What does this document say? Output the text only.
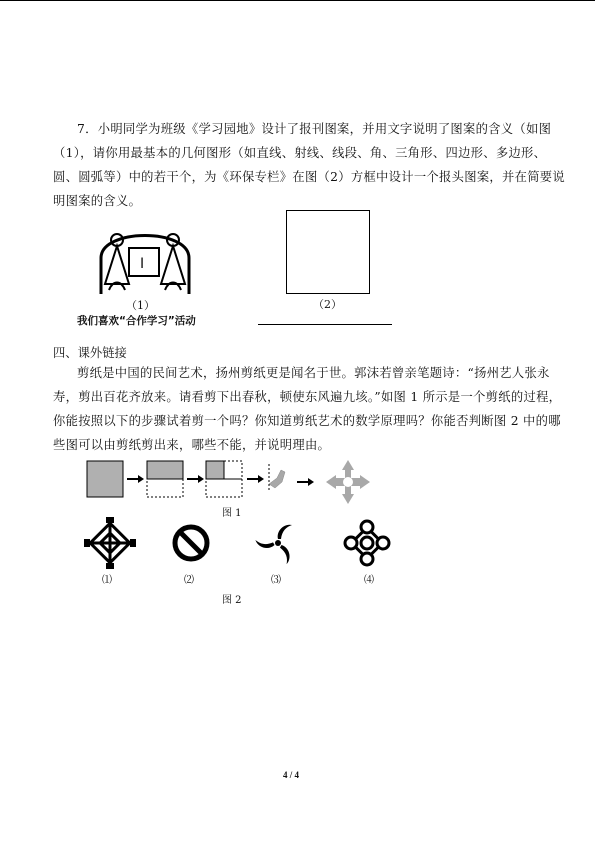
7．小明同学为班级《学习园地》设计了报刊图案，并用文字说明了图案的含义（如图
（1），请你用最基本的几何图形（如直线、射线、线段、角、三角形、四边形、多边形、
圆、圆弧等）中的若干个，为《环保专栏》在图（2）方框中设计一个报头图案，并在简要说
明图案的含义。
I
（1）
我们喜欢“合作学习”活动
（2）
四、课外链接
剪纸是中国的民间艺术，扬州剪纸更是闻名于世。郭沫若曾亲笔题诗：“扬州艺人张永
寿，剪出百花齐放来。请看剪下出春秋，顿使东风遍九垓。”如图 1 所示是一个剪纸的过程，
你能按照以下的步骤试着剪一个吗？你知道剪纸艺术的数学原理吗？你能否判断图 2 中的哪
些图可以由剪纸剪出来，哪些不能，并说明理由。
图 1
⑴	⑵	⑶	⑷
图 2
4 / 4
